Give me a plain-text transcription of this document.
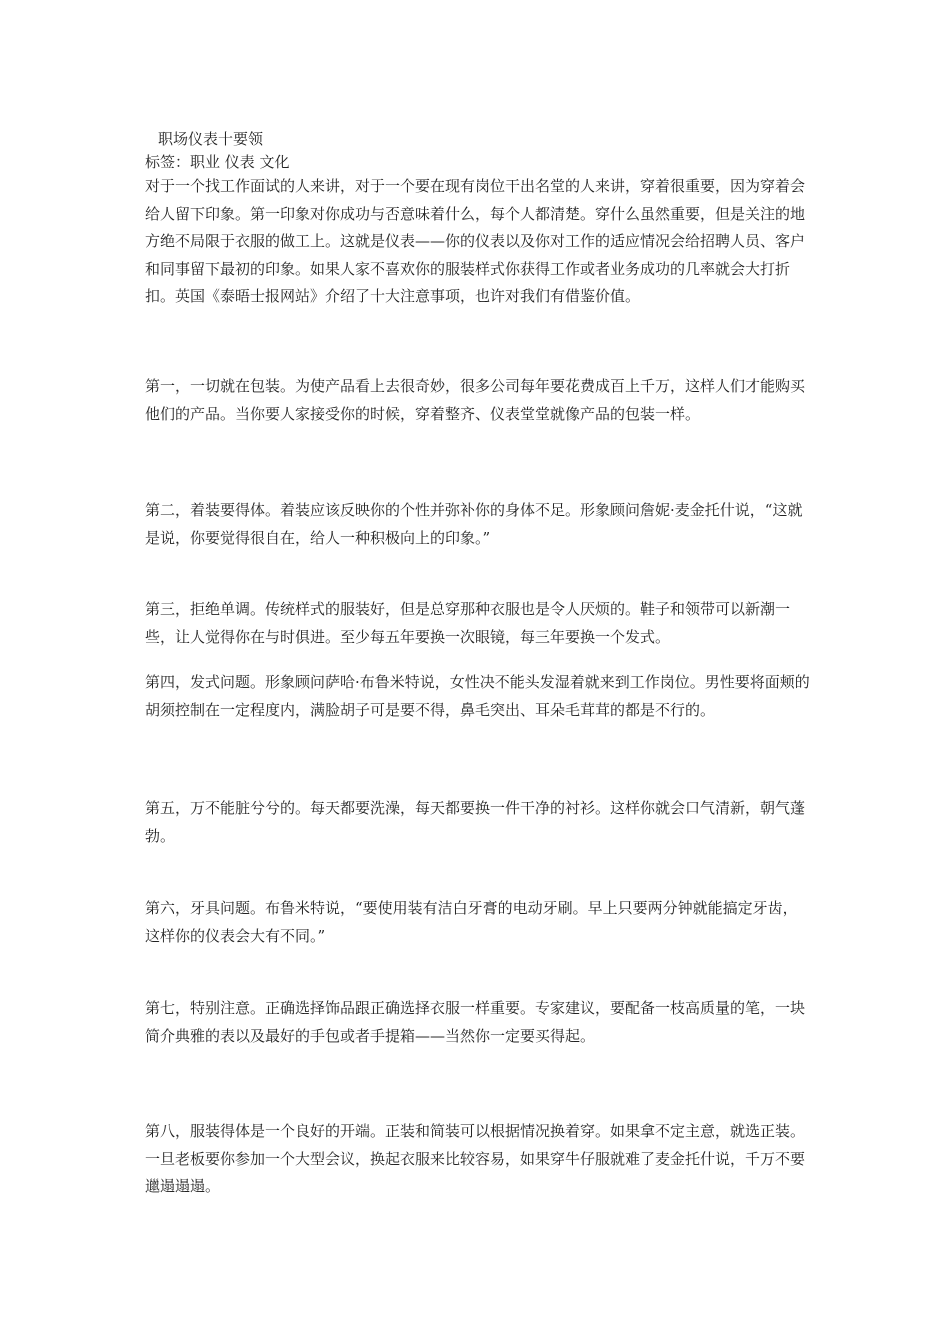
职场仪表十要领

标签：职业 仪表 文化

对于一个找工作面试的人来讲，对于一个要在现有岗位干出名堂的人来讲，穿着很重要，因为穿着会给人留下印象。第一印象对你成功与否意味着什么，每个人都清楚。穿什么虽然重要，但是关注的地方绝不局限于衣服的做工上。这就是仪表——你的仪表以及你对工作的适应情况会给招聘人员、客户和同事留下最初的印象。如果人家不喜欢你的服装样式你获得工作或者业务成功的几率就会大打折扣。英国《泰晤士报网站》介绍了十大注意事项，也许对我们有借鉴价值。

第一，一切就在包装。为使产品看上去很奇妙，很多公司每年要花费成百上千万，这样人们才能购买他们的产品。当你要人家接受你的时候，穿着整齐、仪表堂堂就像产品的包装一样。

第二，着装要得体。着装应该反映你的个性并弥补你的身体不足。形象顾问詹妮·麦金托什说，“这就是说，你要觉得很自在，给人一种积极向上的印象。”

第三，拒绝单调。传统样式的服装好，但是总穿那种衣服也是令人厌烦的。鞋子和领带可以新潮一些，让人觉得你在与时俱进。至少每五年要换一次眼镜，每三年要换一个发式。

第四，发式问题。形象顾问萨哈·布鲁米特说，女性决不能头发湿着就来到工作岗位。男性要将面颊的胡须控制在一定程度内，满脸胡子可是要不得，鼻毛突出、耳朵毛茸茸的都是不行的。

第五，万不能脏兮兮的。每天都要洗澡，每天都要换一件干净的衬衫。这样你就会口气清新，朝气蓬勃。

第六，牙具问题。布鲁米特说，“要使用装有洁白牙膏的电动牙刷。早上只要两分钟就能搞定牙齿，这样你的仪表会大有不同。”

第七，特别注意。正确选择饰品跟正确选择衣服一样重要。专家建议，要配备一枝高质量的笔，一块简介典雅的表以及最好的手包或者手提箱——当然你一定要买得起。

第八，服装得体是一个良好的开端。正装和简装可以根据情况换着穿。如果拿不定主意，就选正装。一旦老板要你参加一个大型会议，换起衣服来比较容易，如果穿牛仔服就难了麦金托什说，千万不要邋遢遢遢。
